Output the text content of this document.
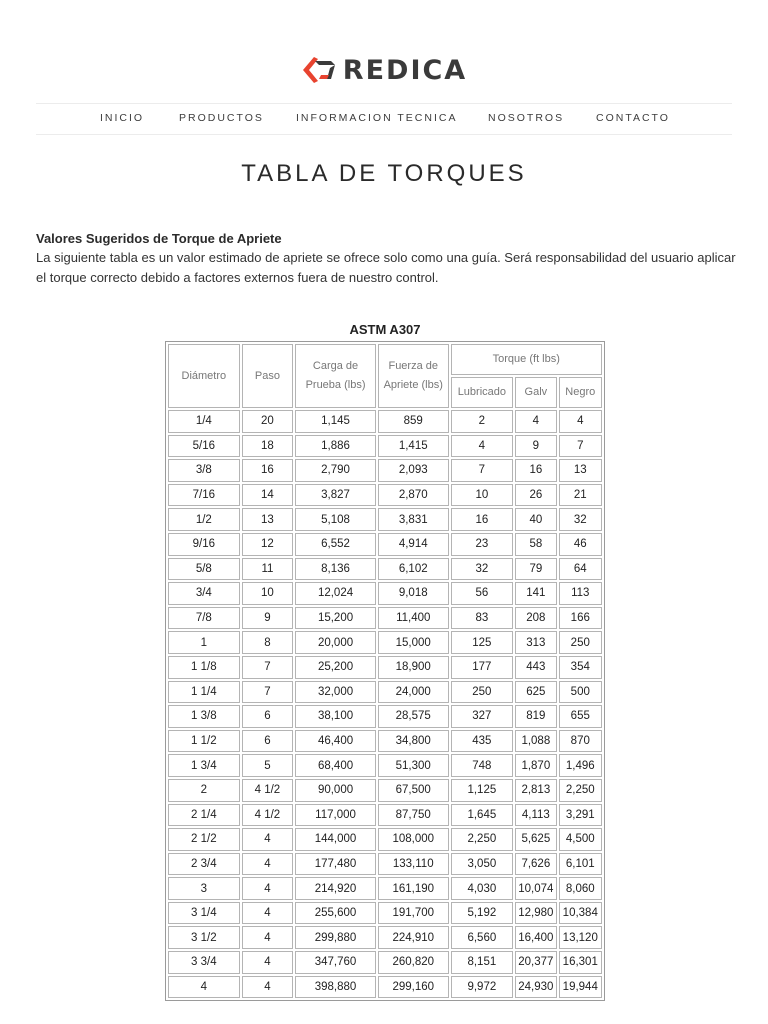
REDICA
INICIO	PRODUCTOS	INFORMACION TECNICA	NOSOTROS	CONTACTO
TABLA DE TORQUES
Valores Sugeridos de Torque de Apriete
La siguiente tabla es un valor estimado de apriete se ofrece solo como una guía. Será responsabilidad del usuario aplicar el torque correcto debido a factores externos fuera de nuestro control.
ASTM A307
Diámetro	Paso	Carga de Prueba (lbs)	Fuerza de Apriete (lbs)	Torque (ft lbs)		
				Lubricado	Galv	Negro
1/4	20	1,145	859	2	4	4
5/16	18	1,886	1,415	4	9	7
3/8	16	2,790	2,093	7	16	13
7/16	14	3,827	2,870	10	26	21
1/2	13	5,108	3,831	16	40	32
9/16	12	6,552	4,914	23	58	46
5/8	11	8,136	6,102	32	79	64
3/4	10	12,024	9,018	56	141	113
7/8	9	15,200	11,400	83	208	166
1	8	20,000	15,000	125	313	250
1 1/8	7	25,200	18,900	177	443	354
1 1/4	7	32,000	24,000	250	625	500
1 3/8	6	38,100	28,575	327	819	655
1 1/2	6	46,400	34,800	435	1,088	870
1 3/4	5	68,400	51,300	748	1,870	1,496
2	4 1/2	90,000	67,500	1,125	2,813	2,250
2 1/4	4 1/2	117,000	87,750	1,645	4,113	3,291
2 1/2	4	144,000	108,000	2,250	5,625	4,500
2 3/4	4	177,480	133,110	3,050	7,626	6,101
3	4	214,920	161,190	4,030	10,074	8,060
3 1/4	4	255,600	191,700	5,192	12,980	10,384
3 1/2	4	299,880	224,910	6,560	16,400	13,120
3 3/4	4	347,760	260,820	8,151	20,377	16,301
4	4	398,880	299,160	9,972	24,930	19,944
